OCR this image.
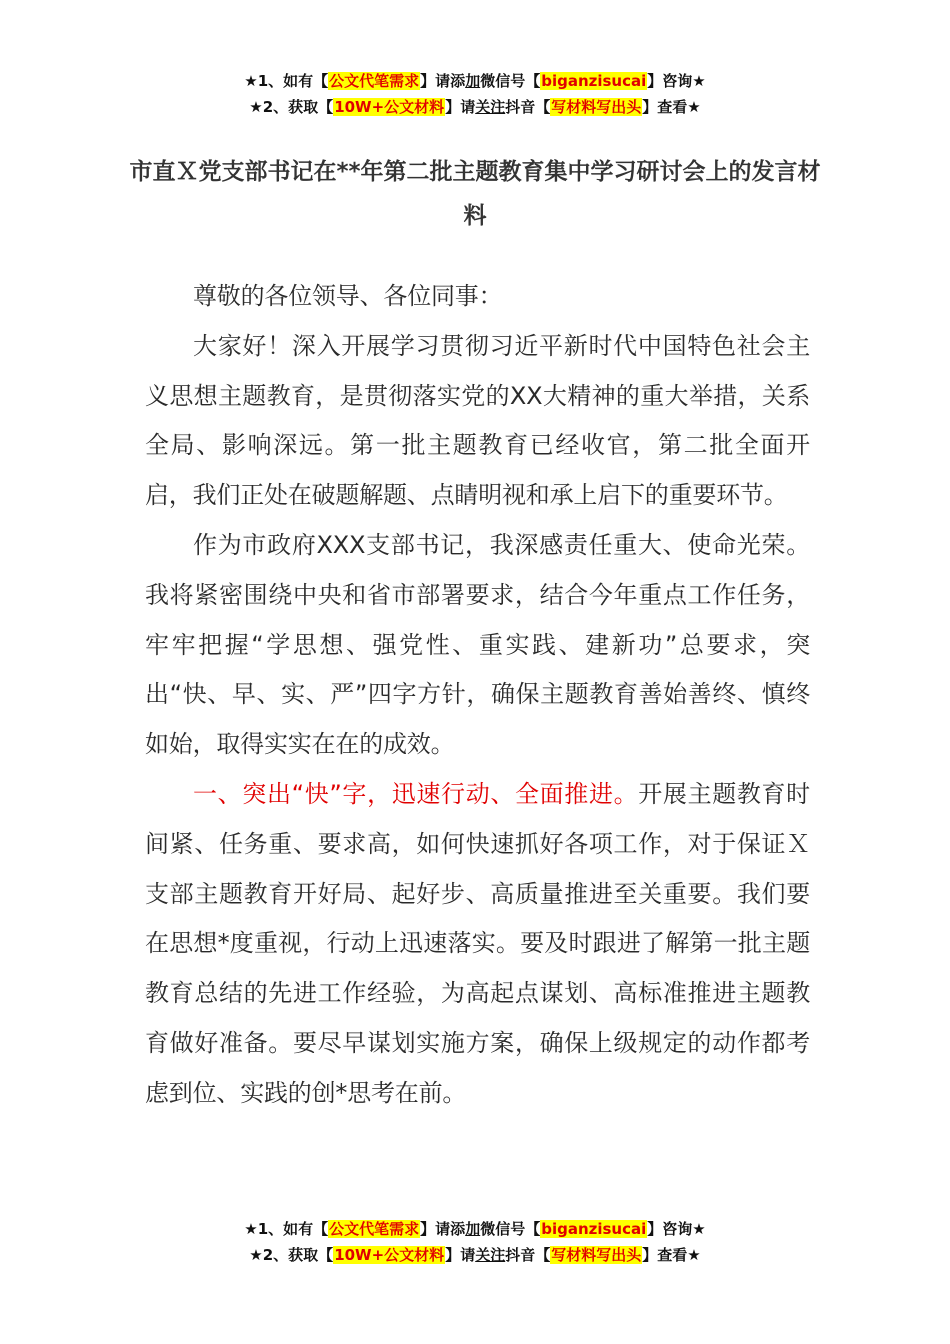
★1、如有【公文代笔需求】请添加微信号【biganzisucai】咨询★
★2、获取【10W+公文材料】请关注抖音【写材料写出头】查看★
市直Ｘ党支部书记在**年第二批主题教育集中学习研讨会上的发言材料

尊敬的各位领导、各位同事：

大家好！深入开展学习贯彻习近平新时代中国特色社会主义思想主题教育，是贯彻落实党的XX大精神的重大举措，关系全局、影响深远。第一批主题教育已经收官，第二批全面开启，我们正处在破题解题、点睛明视和承上启下的重要环节。

作为市政府XXX支部书记，我深感责任重大、使命光荣。我将紧密围绕中央和省市部署要求，结合今年重点工作任务，牢牢把握“学思想、强党性、重实践、建新功”总要求，突出“快、早、实、严”四字方针，确保主题教育善始善终、慎终如始，取得实实在在的成效。

一、突出“快”字，迅速行动、全面推进。开展主题教育时间紧、任务重、要求高，如何快速抓好各项工作，对于保证Ｘ支部主题教育开好局、起好步、高质量推进至关重要。我们要在思想*度重视，行动上迅速落实。要及时跟进了解第一批主题教育总结的先进工作经验，为高起点谋划、高标准推进主题教育做好准备。要尽早谋划实施方案，确保上级规定的动作都考虑到位、实践的创*思考在前。

★1、如有【公文代笔需求】请添加微信号【biganzisucai】咨询★
★2、获取【10W+公文材料】请关注抖音【写材料写出头】查看★
